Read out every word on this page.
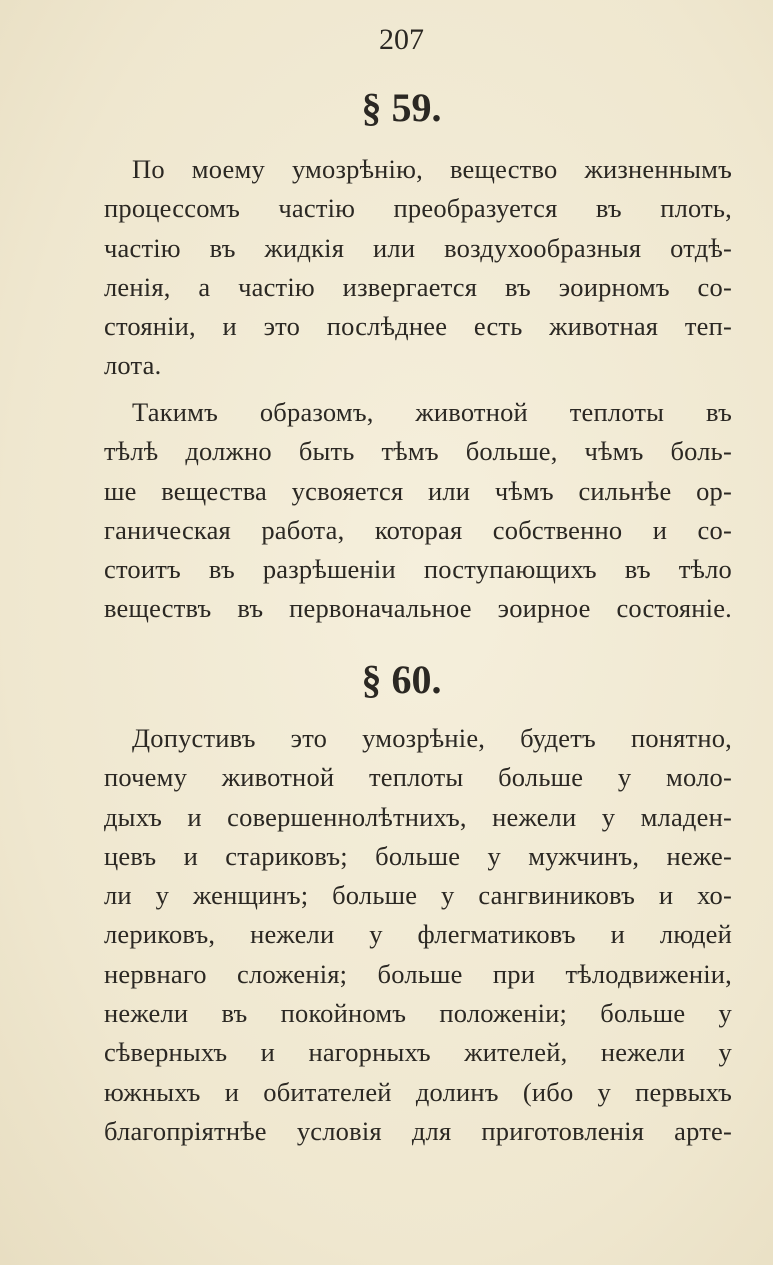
207
§ 59.

По моему умозрѣнію, вещество жизненнымъ
процессомъ частію преобразуется въ плоть,
частію въ жидкія или воздухообразныя отдѣ-
ленія, а частію извергается въ эоирномъ со-
стояніи, и это послѣднее есть животная теп-
лота.

Такимъ образомъ, животной теплоты въ
тѣлѣ должно быть тѣмъ больше, чѣмъ боль-
ше вещества усвояется или чѣмъ сильнѣе ор-
ганическая работа, которая собственно и со-
стоитъ въ разрѣшеніи поступающихъ въ тѣло
веществъ въ первоначальное эоирное состояніе.

§ 60.

Допустивъ это умозрѣніе, будетъ понятно,
почему животной теплоты больше у моло-
дыхъ и совершеннолѣтнихъ, нежели у младен-
цевъ и стариковъ; больше у мужчинъ, неже-
ли у женщинъ; больше у сангвиниковъ и хо-
лериковъ, нежели у флегматиковъ и людей
нервнаго сложенія; больше при тѣлодвиженіи,
нежели въ покойномъ положеніи; больше у
сѣверныхъ и нагорныхъ жителей, нежели у
южныхъ и обитателей долинъ (ибо у первыхъ
благопріятнѣе условія для приготовленія арте-
